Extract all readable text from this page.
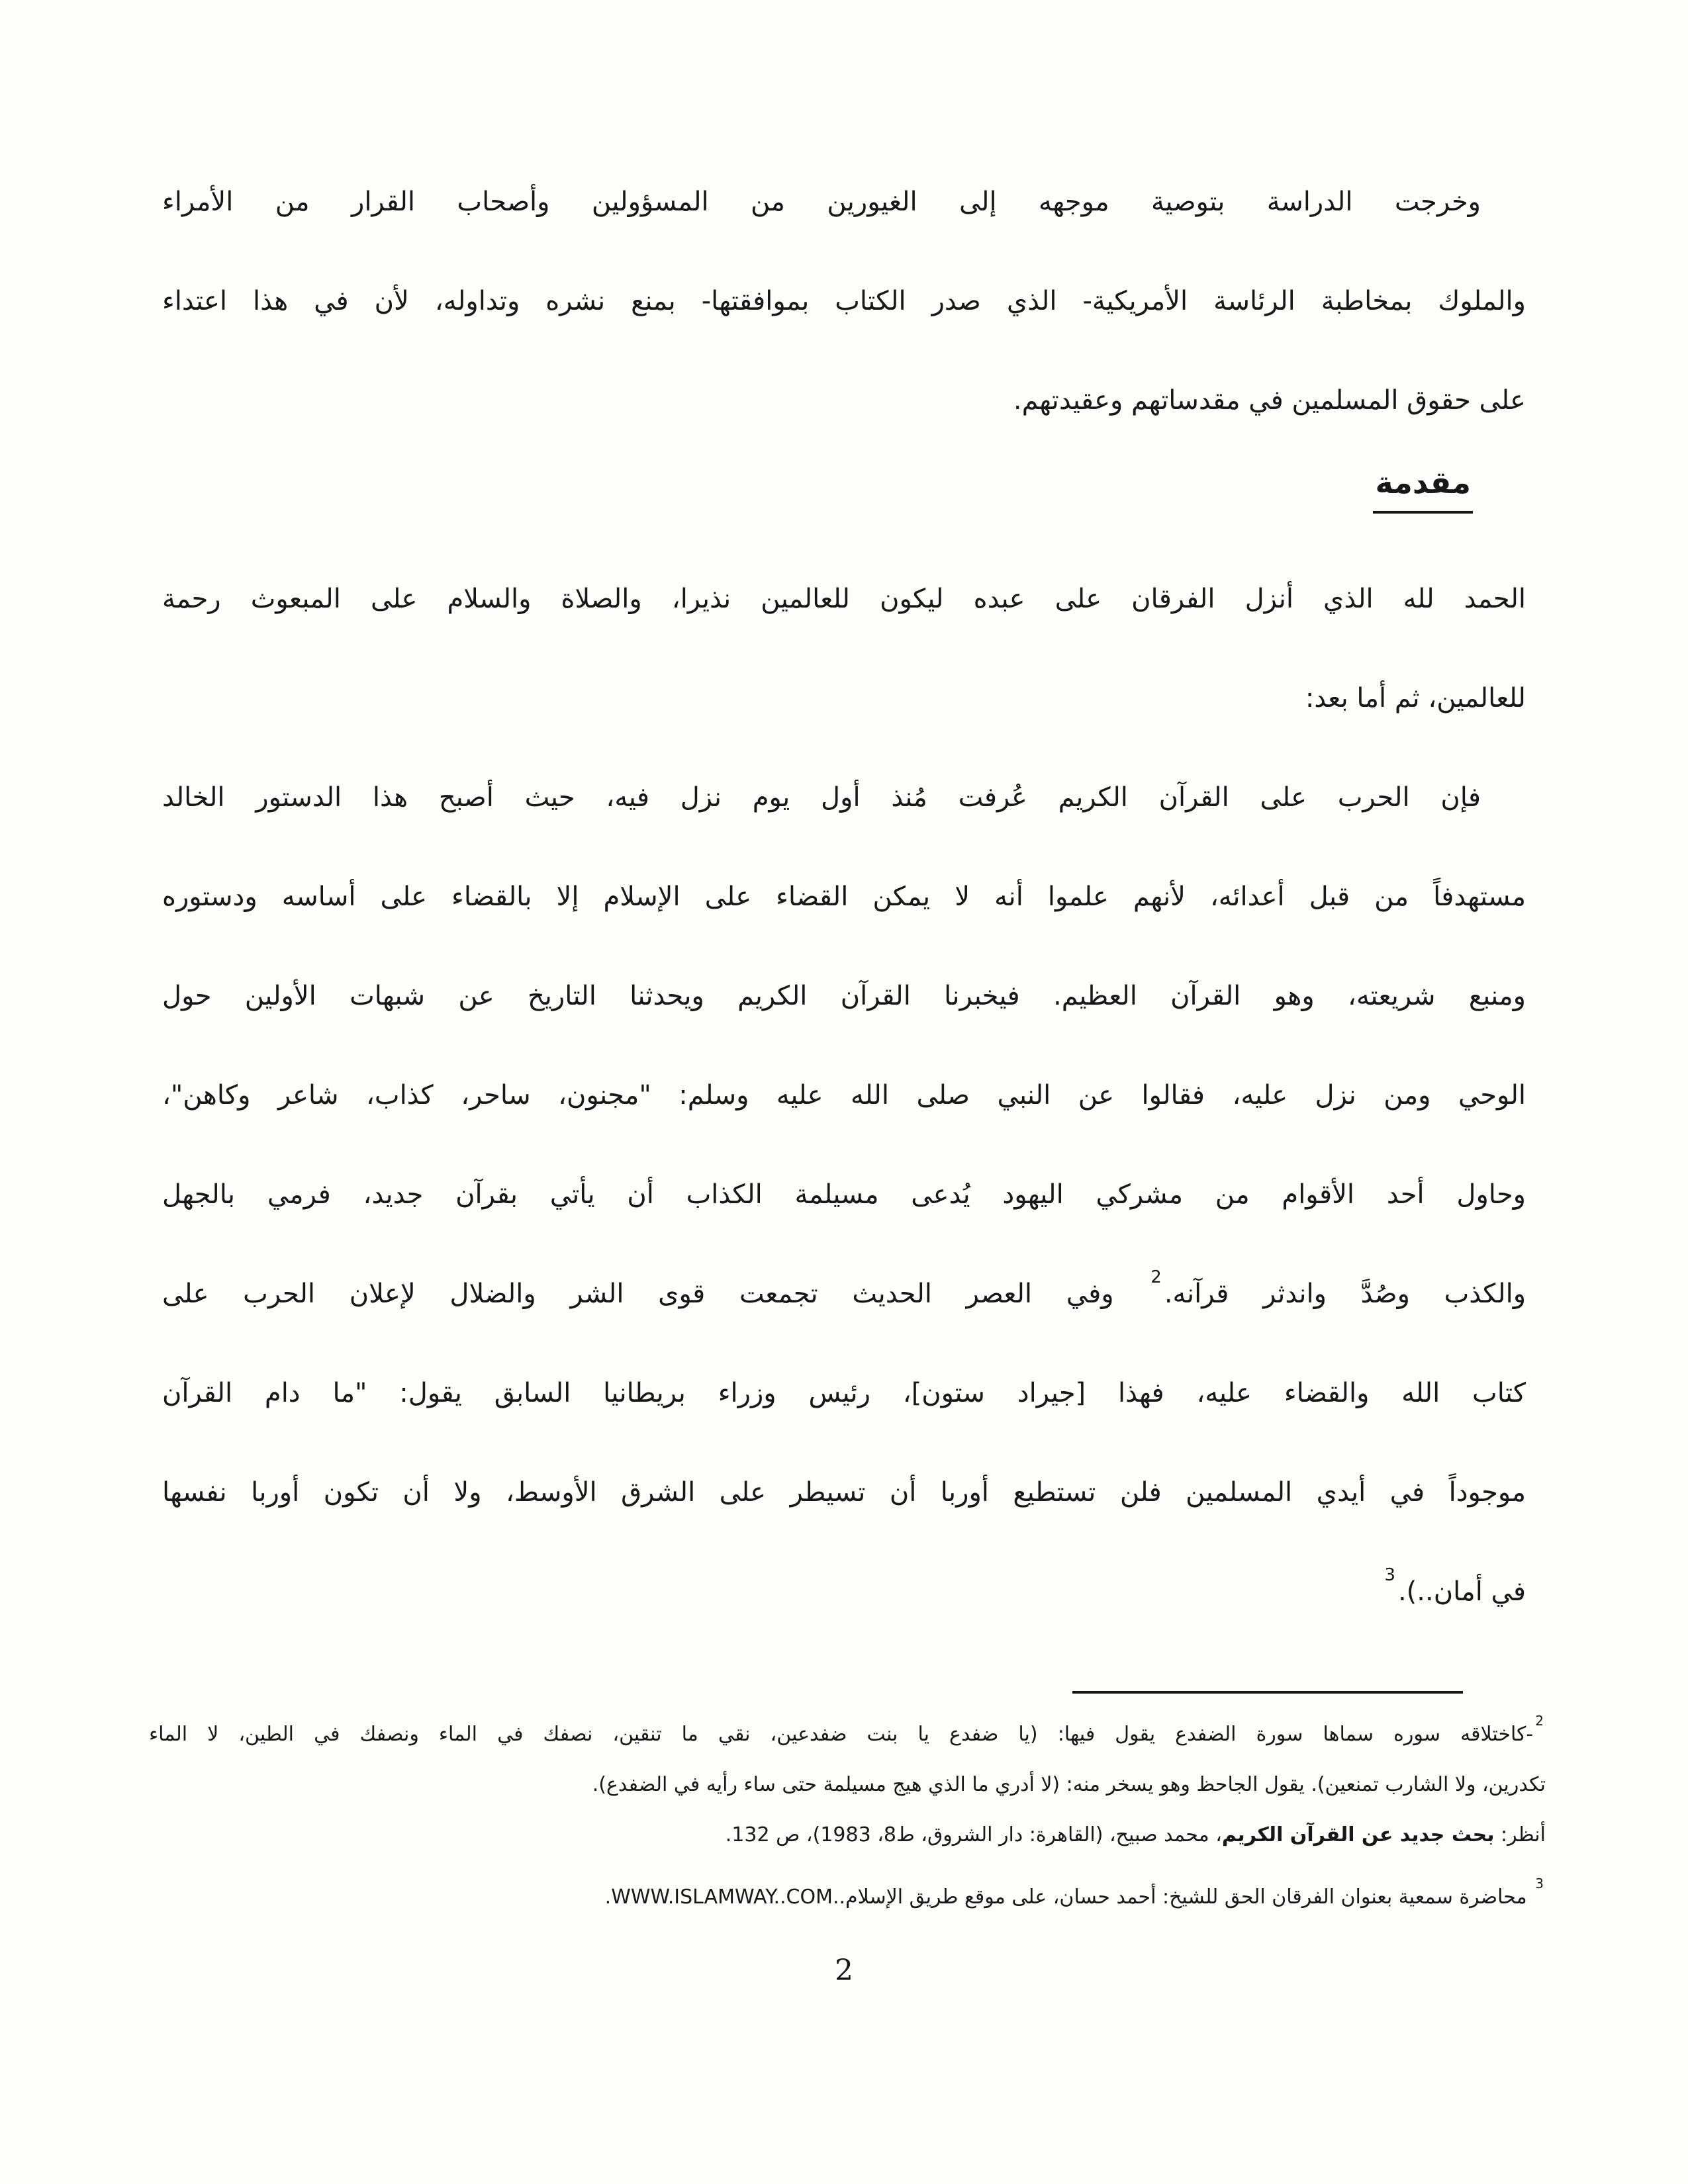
وخرجت الدراسة بتوصية موجهه إلى الغيورين من المسؤولين وأصحاب القرار من الأمراء
والملوك بمخاطبة الرئاسة الأمريكية- الذي صدر الكتاب بموافقتها- بمنع نشره وتداوله، لأن في هذا اعتداء
على حقوق المسلمين في مقدساتهم وعقيدتهم.
مقدمة
الحمد لله الذي أنزل الفرقان على عبده ليكون للعالمين نذيرا، والصلاة والسلام على المبعوث رحمة
للعالمين، ثم أما بعد:
فإن الحرب على القرآن الكريم عُرفت مُنذ أول يوم نزل فيه، حيث أصبح هذا الدستور الخالد
مستهدفاً من قبل أعدائه، لأنهم علموا أنه لا يمكن القضاء على الإسلام إلا بالقضاء على أساسه ودستوره
ومنبع شريعته، وهو القرآن العظيم. فيخبرنا القرآن الكريم ويحدثنا التاريخ عن شبهات الأولين حول
الوحي ومن نزل عليه، فقالوا عن النبي صلى الله عليه وسلم: "مجنون، ساحر، كذاب، شاعر وكاهن"،
وحاول أحد الأقوام من مشركي اليهود يُدعى مسيلمة الكذاب أن يأتي بقرآن جديد، فرمي بالجهل
والكذب وصُدَّ واندثر قرآنه.$^2$ وفي العصر الحديث تجمعت قوى الشر والضلال لإعلان الحرب على
كتاب الله والقضاء عليه، فهذا [جيراد ستون]، رئيس وزراء بريطانيا السابق يقول: "ما دام القرآن
موجوداً في أيدي المسلمين فلن تستطيع أوربا أن تسيطر على الشرق الأوسط، ولا أن تكون أوربا نفسها
في أمان..).$^3$
$^2$-كاختلاقه سوره سماها سورة الضفدع يقول فيها: (يا ضفدع يا بنت ضفدعين، نقي ما تنقين، نصفك في الماء ونصفك في الطين، لا الماء
تكدرين، ولا الشارب تمنعين). يقول الجاحظ وهو يسخر منه: (لا أدري ما الذي هيج مسيلمة حتى ساء رأيه في الضفدع).
أنظر: بحث جديد عن القرآن الكريم، محمد صبيح، (القاهرة: دار الشروق، ط8، 1983)، ص 132.
$^3$ محاضرة سمعية بعنوان الفرقان الحق للشيخ: أحمد حسان، على موقع طريق الإسلام..WWW.ISLAMWAY..COM.
2
